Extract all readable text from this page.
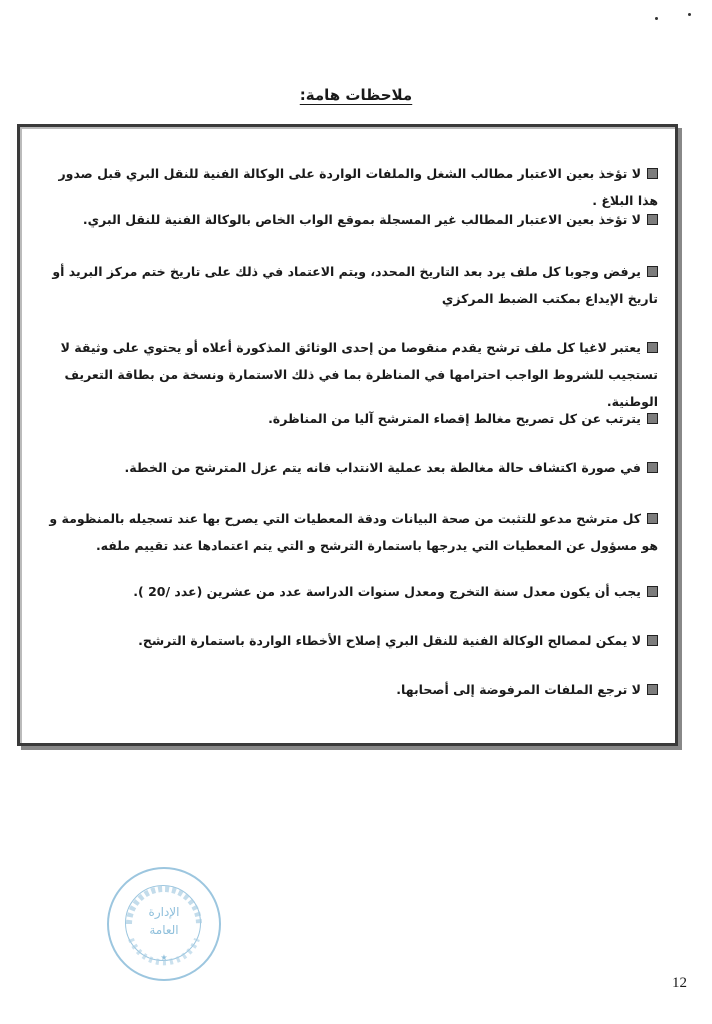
ملاحظات هامة:
لا تؤخذ بعين الاعتبار مطالب الشغل والملفات الواردة على الوكالة الفنية للنقل البري قبل صدور هذا البلاغ .
لا تؤخذ بعين الاعتبار المطالب غير المسجلة بموقع الواب الخاص بالوكالة الفنية للنقل البري.
يرفض وجوبا كل ملف يرد بعد التاريخ المحدد، ويتم الاعتماد في ذلك على تاريخ ختم مركز البريد أو تاريخ الإيداع بمكتب الضبط المركزي
يعتبر لاغيا كل ملف ترشح يقدم منقوصا من إحدى الوثائق المذكورة أعلاه أو يحتوي على وثيقة لا تستجيب للشروط الواجب احترامها في المناظرة بما في ذلك الاستمارة ونسخة من بطاقة التعريف الوطنية.
يترتب عن كل تصريح مغالط إقصاء المترشح آليا من المناظرة.
في صورة اكتشاف حالة مغالطة بعد عملية الانتداب فانه يتم عزل المترشح من الخطة.
كل مترشح مدعو للتثبت من صحة البيانات ودقة المعطيات التي يصرح بها عند تسجيله بالمنظومة و هو مسؤول عن المعطيات التي يدرجها باستمارة الترشح و التي يتم اعتمادها عند تقييم ملفه.
يجب أن يكون معدل سنة التخرج ومعدل سنوات الدراسة عدد من عشرين (عدد /20 ).
لا يمكن لمصالح الوكالة الفنية للنقل البري إصلاح الأخطاء الواردة باستمارة الترشح.
لا ترجع الملفات المرفوضة إلى أصحابها.
الإدارة
العامة
★
12
